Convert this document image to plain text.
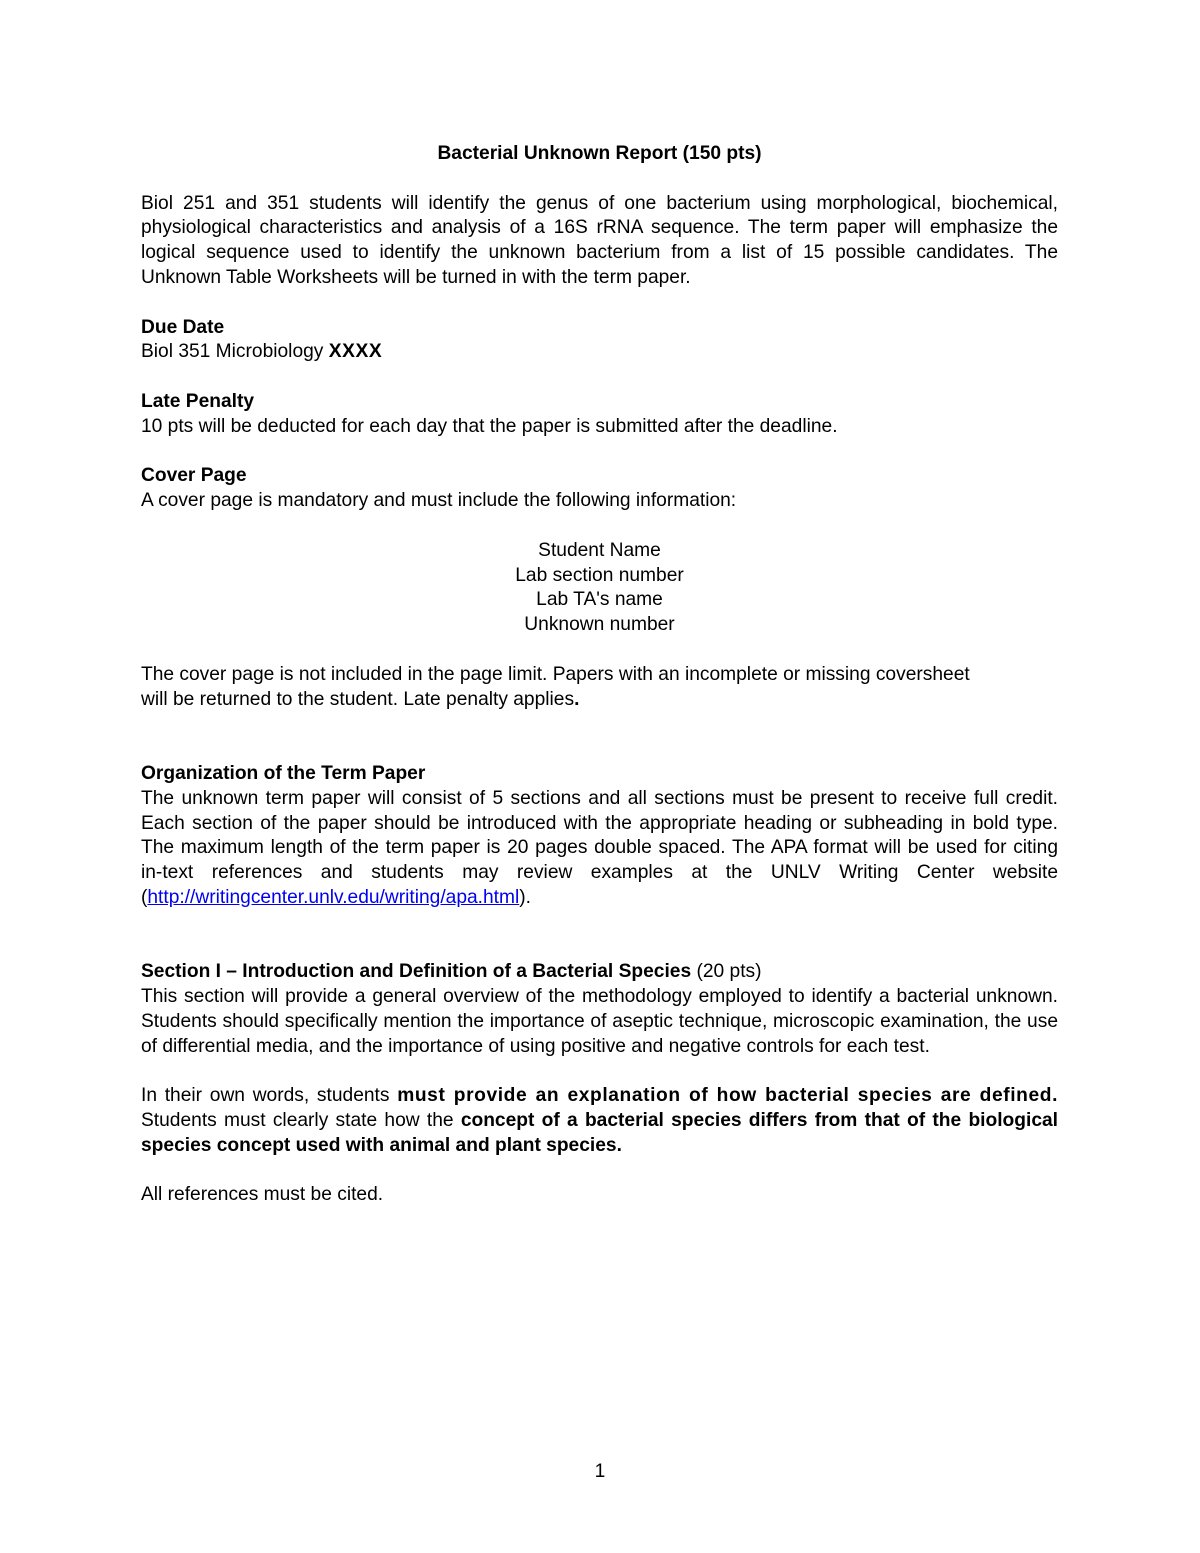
Bacterial Unknown Report (150 pts)

Biol 251 and 351 students will identify the genus of one bacterium using morphological, biochemical, physiological characteristics and analysis of a 16S rRNA sequence. The term paper will emphasize the logical sequence used to identify the unknown bacterium from a list of 15 possible candidates. The Unknown Table Worksheets will be turned in with the term paper.

Due Date

Biol 351 Microbiology XXXX

Late Penalty

10 pts will be deducted for each day that the paper is submitted after the deadline.

Cover Page

A cover page is mandatory and must include the following information:

Student Name

Lab section number

Lab TA's name

Unknown number

The cover page is not included in the page limit. Papers with an incomplete or missing coversheet will be returned to the student. Late penalty applies.

Organization of the Term Paper

The unknown term paper will consist of 5 sections and all sections must be present to receive full credit. Each section of the paper should be introduced with the appropriate heading or subheading in bold type. The maximum length of the term paper is 20 pages double spaced. The APA format will be used for citing in-text references and students may review examples at the UNLV Writing Center website (http://writingcenter.unlv.edu/writing/apa.html).

Section I – Introduction and Definition of a Bacterial Species (20 pts)

This section will provide a general overview of the methodology employed to identify a bacterial unknown. Students should specifically mention the importance of aseptic technique, microscopic examination, the use of differential media, and the importance of using positive and negative controls for each test.

In their own words, students must provide an explanation of how bacterial species are defined. Students must clearly state how the concept of a bacterial species differs from that of the biological species concept used with animal and plant species.

All references must be cited.

1
